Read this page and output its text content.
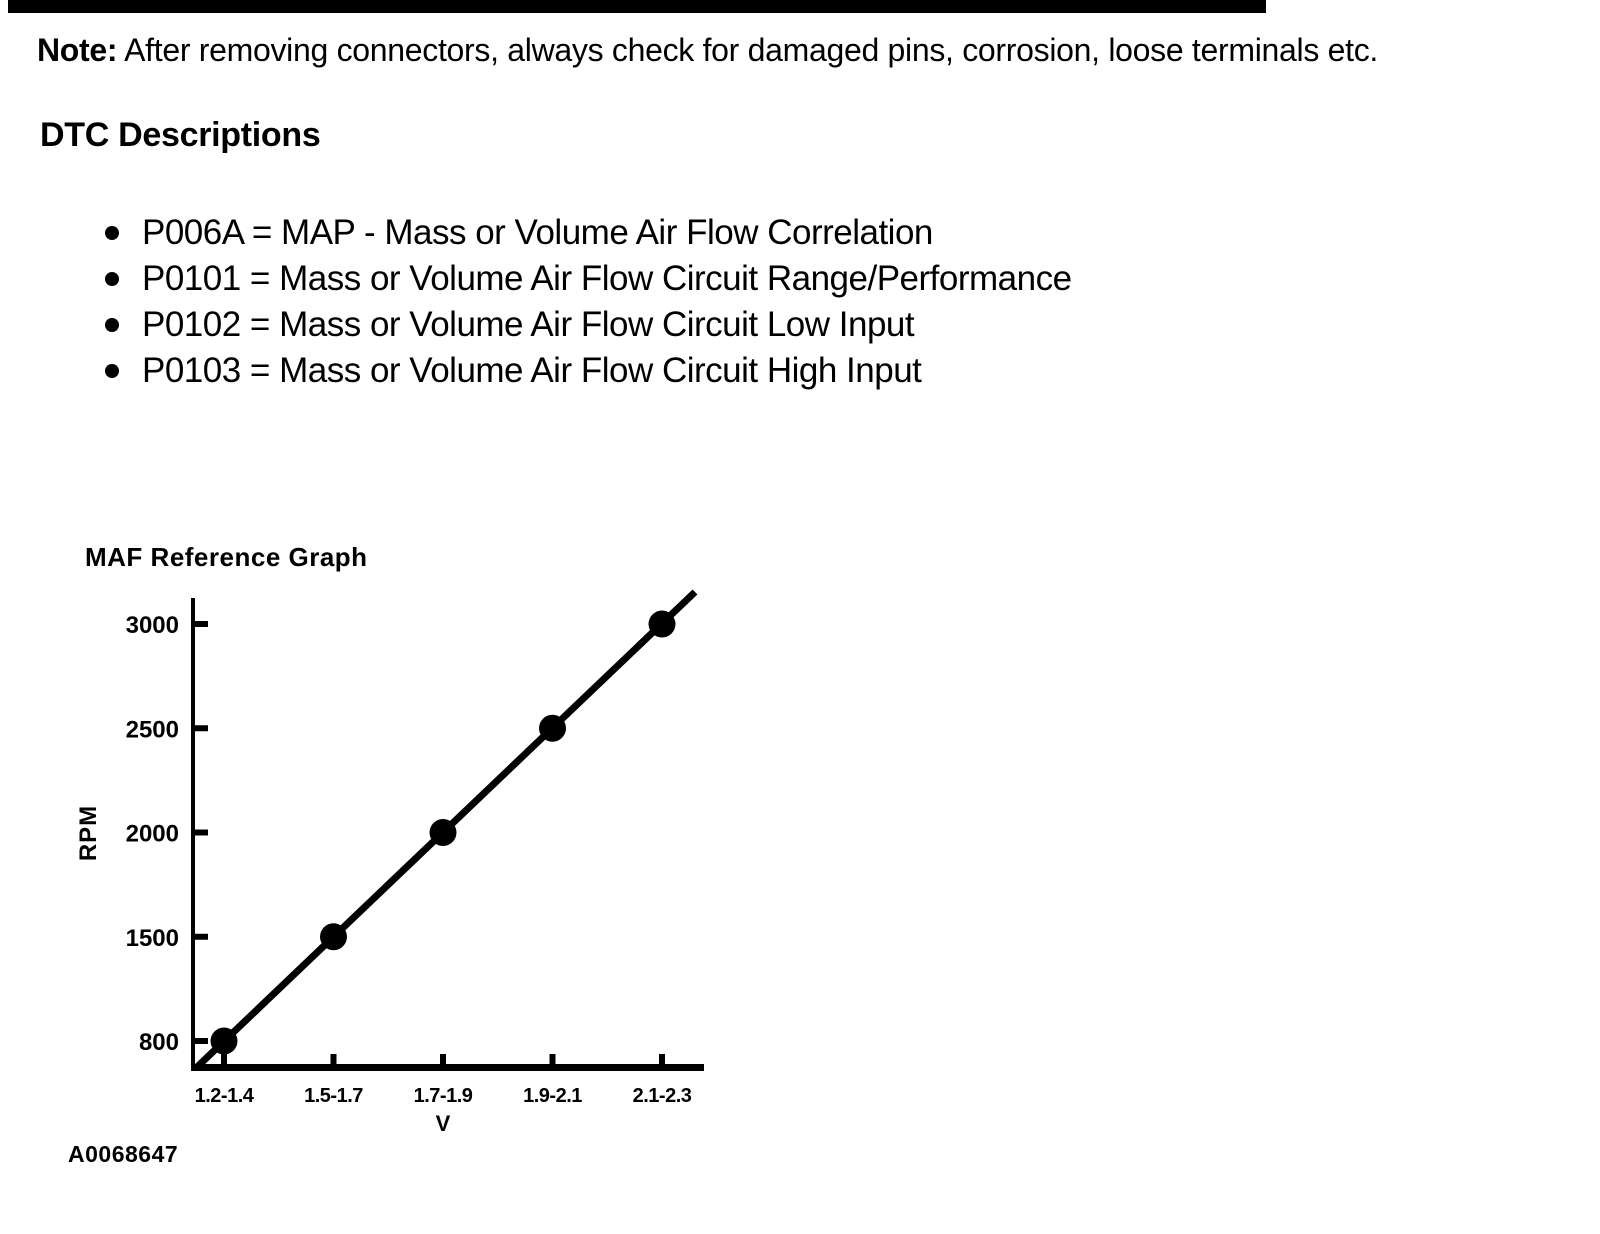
Note: After removing connectors, always check for damaged pins, corrosion, loose terminals etc.

DTC Descriptions
P006A = MAP - Mass or Volume Air Flow Correlation
P0101 = Mass or Volume Air Flow Circuit Range/Performance
P0102 = Mass or Volume Air Flow Circuit Low Input
P0103 = Mass or Volume Air Flow Circuit High Input
MAF Reference Graph
800
1500
2000
2500
3000
1.2-1.4	1.5-1.7	1.7-1.9	1.9-2.1	2.1-2.3
RPM
V
A0068647
